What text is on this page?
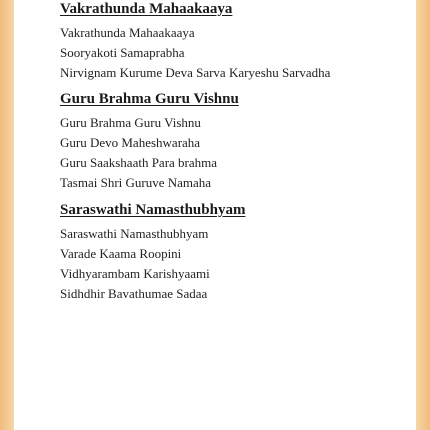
Vakrathunda Mahaakaaya
Vakrathunda Mahaakaaya
Sooryakoti Samaprabha
Nirvignam Kurume Deva Sarva Karyeshu Sarvadha
Guru Brahma Guru Vishnu
Guru Brahma Guru Vishnu
Guru Devo Maheshwaraha
Guru Saakshaath Para brahma
Tasmai Shri Guruve Namaha
Saraswathi Namasthubhyam
Saraswathi Namasthubhyam
Varade Kaama Roopini
Vidhyarambam Karishyaami
Sidhdhir Bavathumae Sadaa
